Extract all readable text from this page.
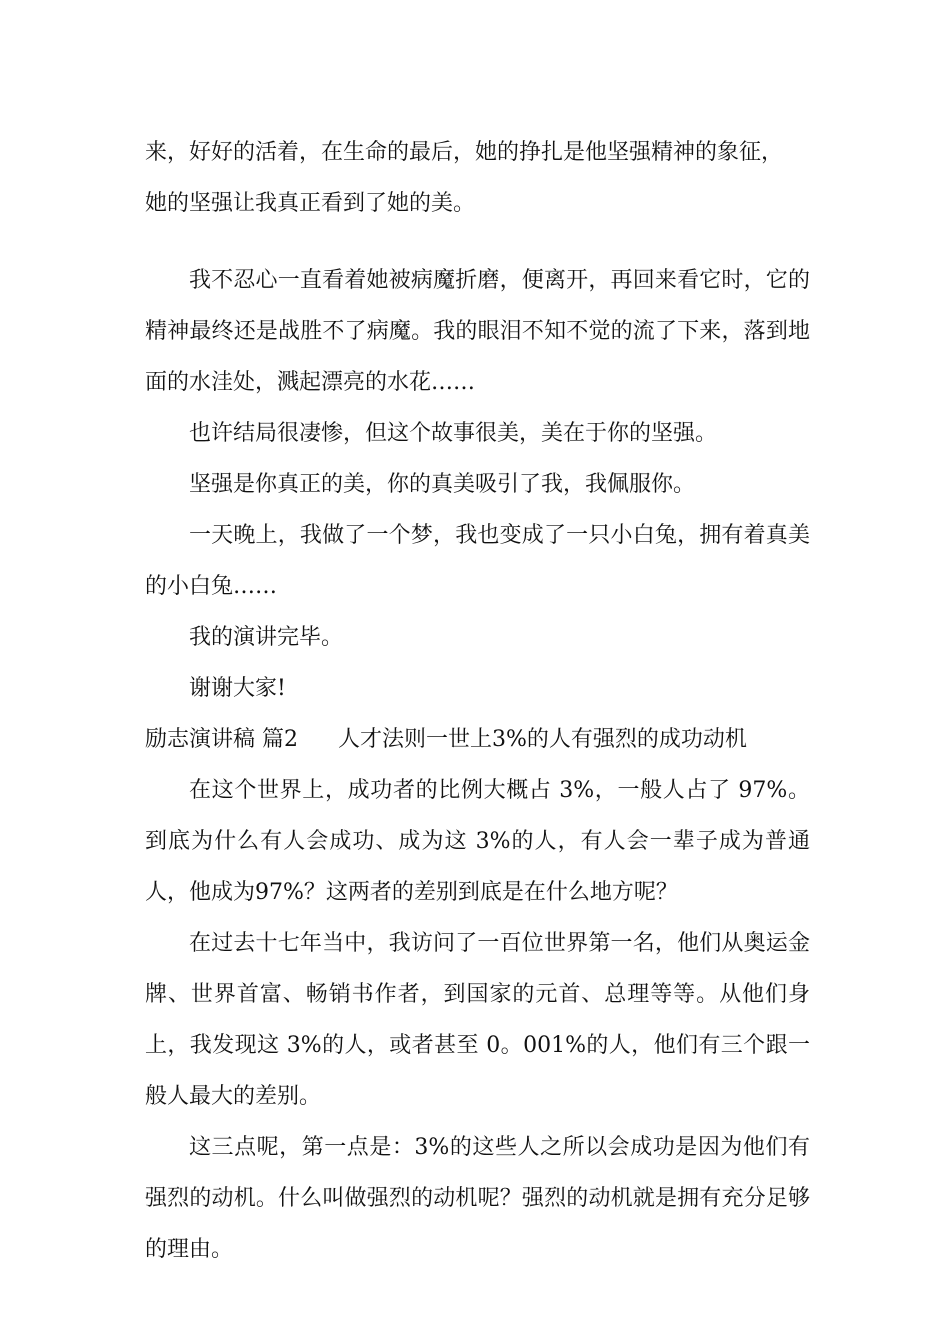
来，好好的活着，在生命的最后，她的挣扎是他坚强精神的象征，
她的坚强让我真正看到了她的美。

我不忍心一直看着她被病魔折磨，便离开，再回来看它时，它的精神最终还是战胜不了病魔。我的眼泪不知不觉的流了下来，落到地面的水洼处，溅起漂亮的水花……

也许结局很凄惨，但这个故事很美，美在于你的坚强。

坚强是你真正的美，你的真美吸引了我，我佩服你。

一天晚上，我做了一个梦，我也变成了一只小白兔，拥有着真美的小白兔……

我的演讲完毕。

谢谢大家!

励志演讲稿 篇2 人才法则一世上3%的人有强烈的成功动机

在这个世界上，成功者的比例大概占 3%，一般人占了 97%。到底为什么有人会成功、成为这 3%的人，有人会一辈子成为普通人，他成为97%？这两者的差别到底是在什么地方呢？

在过去十七年当中，我访问了一百位世界第一名，他们从奥运金牌、世界首富、畅销书作者，到国家的元首、总理等等。从他们身上，我发现这 3%的人，或者甚至 0。001%的人，他们有三个跟一般人最大的差别。

这三点呢，第一点是：3%的这些人之所以会成功是因为他们有强烈的动机。什么叫做强烈的动机呢？强烈的动机就是拥有充分足够的理由。
